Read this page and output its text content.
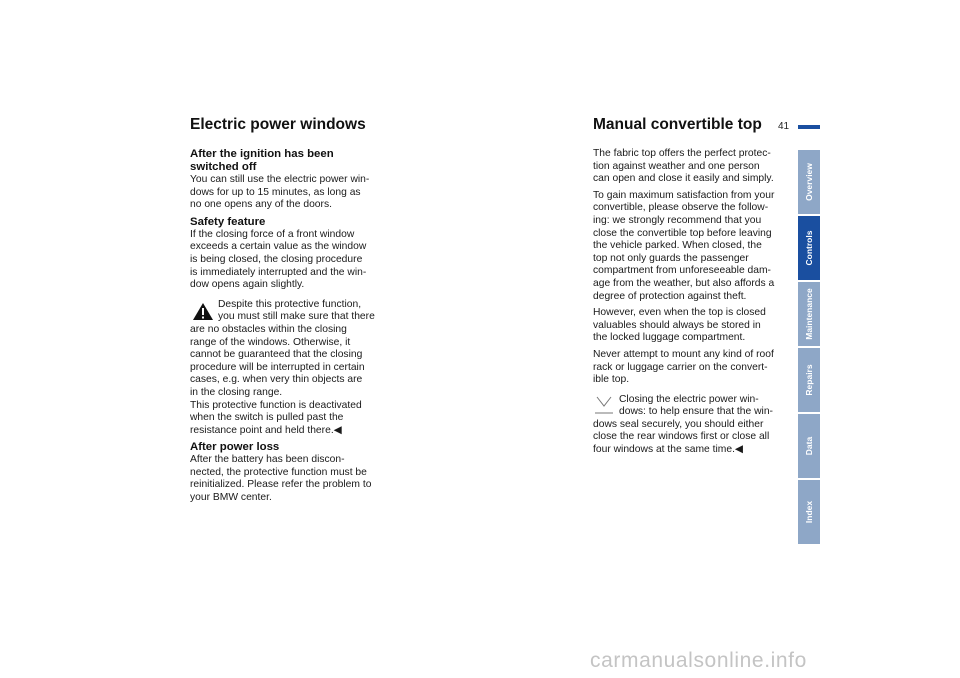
Electric power windows
After the ignition has been
switched off
You can still use the electric power win-
dows for up to 15 minutes, as long as
no one opens any of the doors.
Safety feature
If the closing force of a front window
exceeds a certain value as the window
is being closed, the closing procedure
is immediately interrupted and the win-
dow opens again slightly.
Despite this protective function,
you must still make sure that there
are no obstacles within the closing
range of the windows. Otherwise, it
cannot be guaranteed that the closing
procedure will be interrupted in certain
cases, e.g. when very thin objects are
in the closing range.
This protective function is deactivated
when the switch is pulled past the
resistance point and held there.◀
After power loss
After the battery has been discon-
nected, the protective function must be
reinitialized. Please refer the problem to
your BMW center.
Manual convertible top 41
The fabric top offers the perfect protec-
tion against weather and one person
can open and close it easily and simply.
To gain maximum satisfaction from your
convertible, please observe the follow-
ing: we strongly recommend that you
close the convertible top before leaving
the vehicle parked. When closed, the
top not only guards the passenger
compartment from unforeseeable dam-
age from the weather, but also affords a
degree of protection against theft.
However, even when the top is closed
valuables should always be stored in
the locked luggage compartment.
Never attempt to mount any kind of roof
rack or luggage carrier on the convert-
ible top.
Closing the electric power win-
dows: to help ensure that the win-
dows seal securely, you should either
close the rear windows first or close all
four windows at the same time.◀
Overview
Controls
Maintenance
Repairs
Data
Index
carmanualsonline.info
